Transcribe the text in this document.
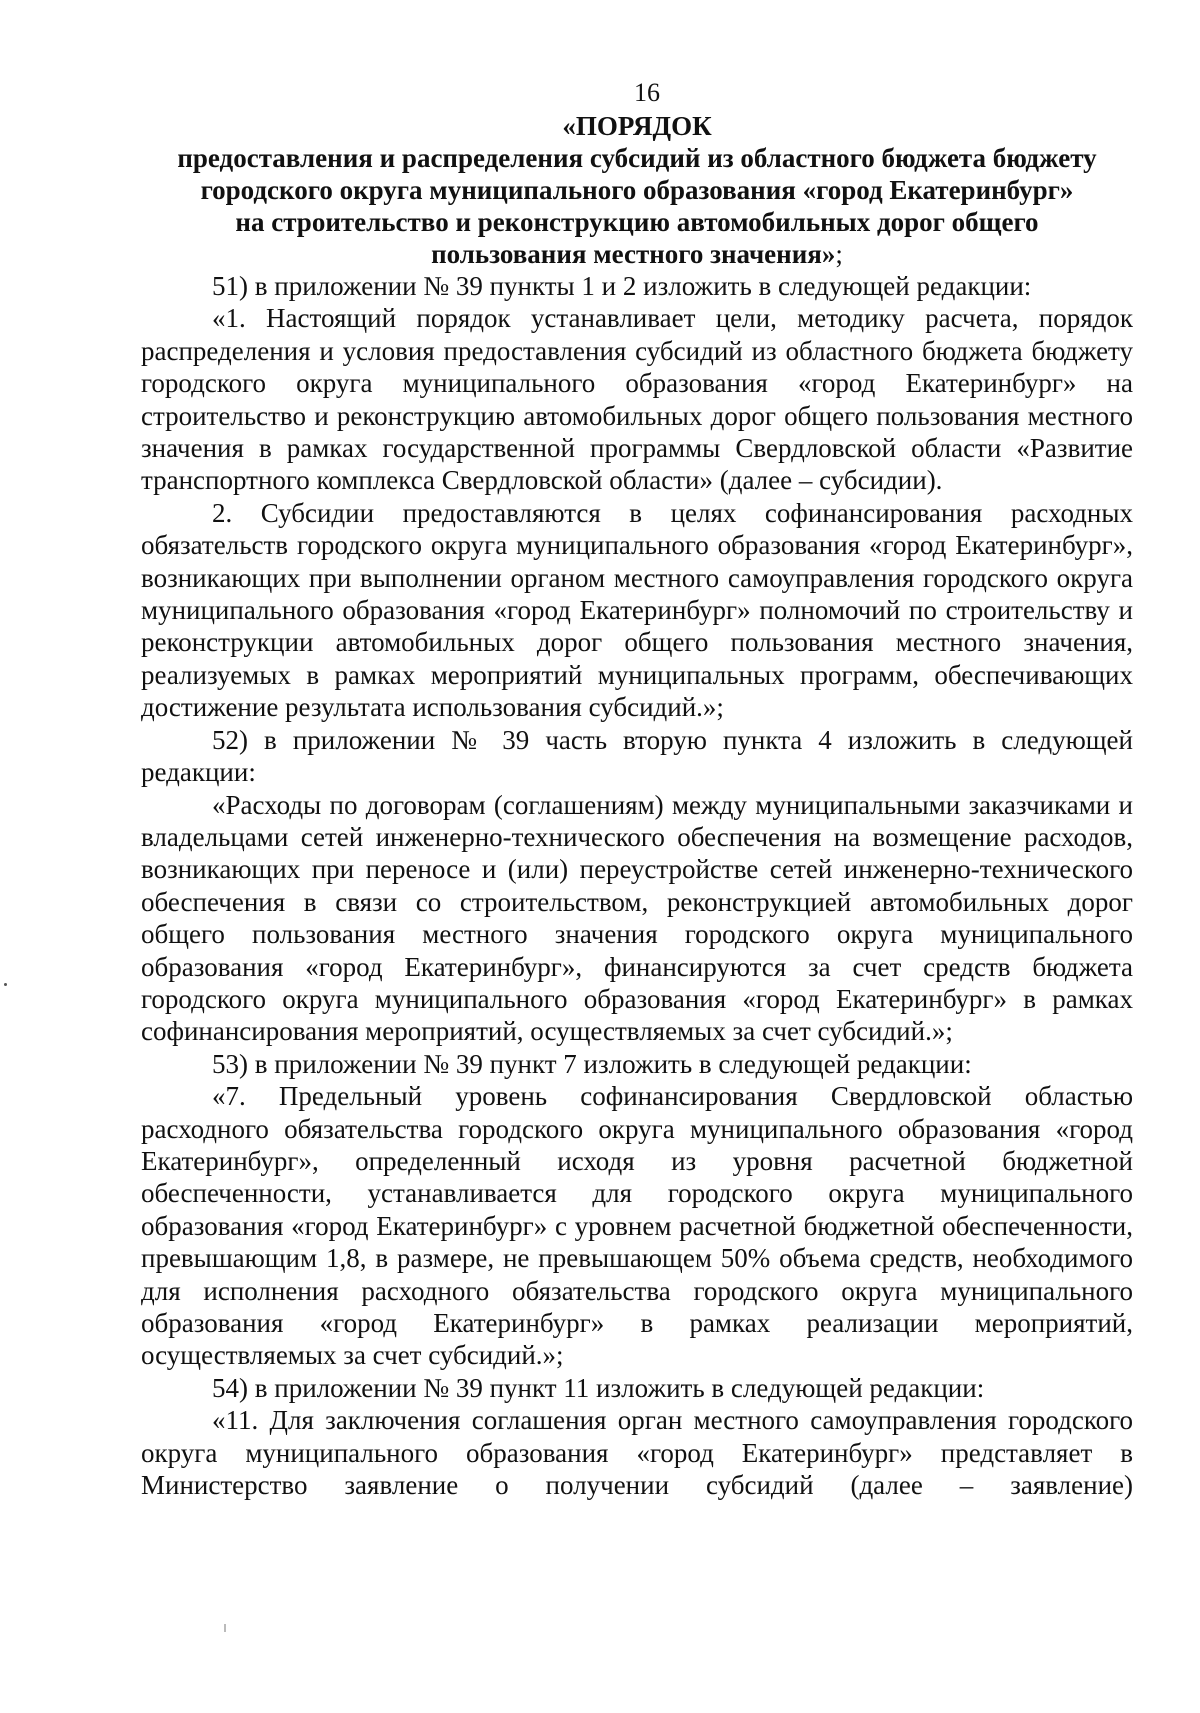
16

«ПОРЯДОК

предоставления и распределения субсидий из областного бюджета бюджету

городского округа муниципального образования «город Екатеринбург»

на строительство и реконструкцию автомобильных дорог общего

пользования местного значения»;

51) в приложении № 39 пункты 1 и 2 изложить в следующей редакции:

«1. Настоящий порядок устанавливает цели, методику расчета, порядок распределения и условия предоставления субсидий из областного бюджета бюджету городского округа муниципального образования «город Екатеринбург» на строительство и реконструкцию автомобильных дорог общего пользования местного значения в рамках государственной программы Свердловской области «Развитие транспортного комплекса Свердловской области» (далее – субсидии).

2. Субсидии предоставляются в целях софинансирования расходных обязательств городского округа муниципального образования «город Екатеринбург», возникающих при выполнении органом местного самоуправления городского округа муниципального образования «город Екатеринбург» полномочий по строительству и реконструкции автомобильных дорог общего пользования местного значения, реализуемых в рамках мероприятий муниципальных программ, обеспечивающих достижение результата использования субсидий.»;

52) в приложении № 39 часть вторую пункта 4 изложить в следующей редакции:

«Расходы по договорам (соглашениям) между муниципальными заказчиками и владельцами сетей инженерно-технического обеспечения на возмещение расходов, возникающих при переносе и (или) переустройстве сетей инженерно-технического обеспечения в связи со строительством, реконструкцией автомобильных дорог общего пользования местного значения городского округа муниципального образования «город Екатеринбург», финансируются за счет средств бюджета городского округа муниципального образования «город Екатеринбург» в рамках софинансирования мероприятий, осуществляемых за счет субсидий.»;

53) в приложении № 39 пункт 7 изложить в следующей редакции:

«7. Предельный уровень софинансирования Свердловской областью расходного обязательства городского округа муниципального образования «город Екатеринбург», определенный исходя из уровня расчетной бюджетной обеспеченности, устанавливается для городского округа муниципального образования «город Екатеринбург» с уровнем расчетной бюджетной обеспеченности, превышающим 1,8, в размере, не превышающем 50% объема средств, необходимого для исполнения расходного обязательства городского округа муниципального образования «город Екатеринбург» в рамках реализации мероприятий, осуществляемых за счет субсидий.»;

54) в приложении № 39 пункт 11 изложить в следующей редакции:

«11. Для заключения соглашения орган местного самоуправления городского округа муниципального образования «город Екатеринбург» представляет в Министерство заявление о получении субсидий (далее – заявление)
